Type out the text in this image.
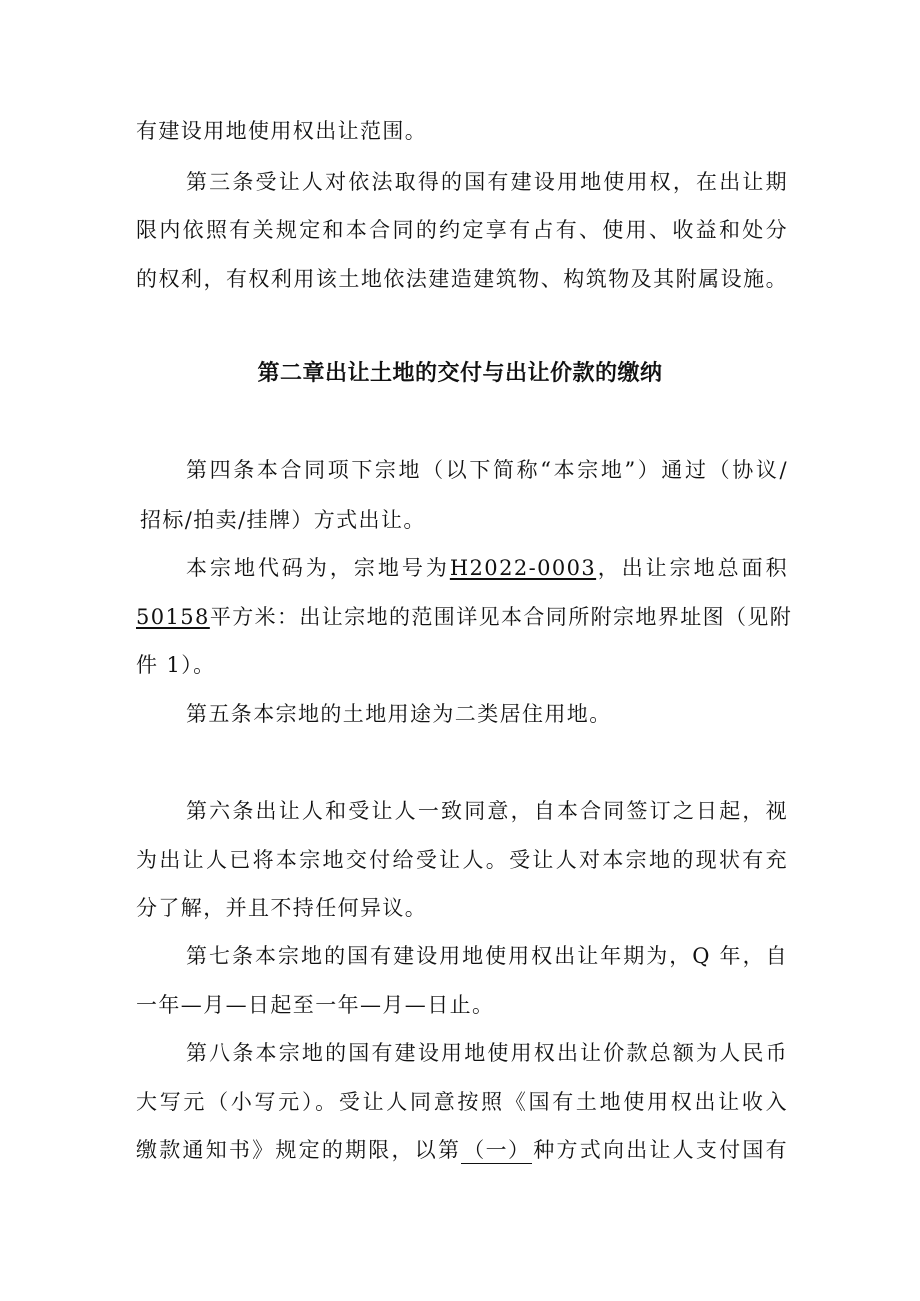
有建设用地使用权出让范围。
第三条受让人对依法取得的国有建设用地使用权，在出让期
限内依照有关规定和本合同的约定享有占有、使用、收益和处分
的权利，有权利用该土地依法建造建筑物、构筑物及其附属设施。
第二章出让土地的交付与出让价款的缴纳
第四条本合同项下宗地（以下简称“本宗地”）通过（协议/
招标/拍卖/挂牌）方式出让。
本宗地代码为，宗地号为H2022-0003，出让宗地总面积
50158平方米：出让宗地的范围详见本合同所附宗地界址图（见附
件 1）。
第五条本宗地的土地用途为二类居住用地。
第六条出让人和受让人一致同意，自本合同签订之日起，视
为出让人已将本宗地交付给受让人。受让人对本宗地的现状有充
分了解，并且不持任何异议。
第七条本宗地的国有建设用地使用权出让年期为，Q 年，自
一年—月—日起至一年—月—日止。
第八条本宗地的国有建设用地使用权出让价款总额为人民币
大写元（小写元）。受让人同意按照《国有土地使用权出让收入
缴款通知书》规定的期限，以第（一）种方式向出让人支付国有
